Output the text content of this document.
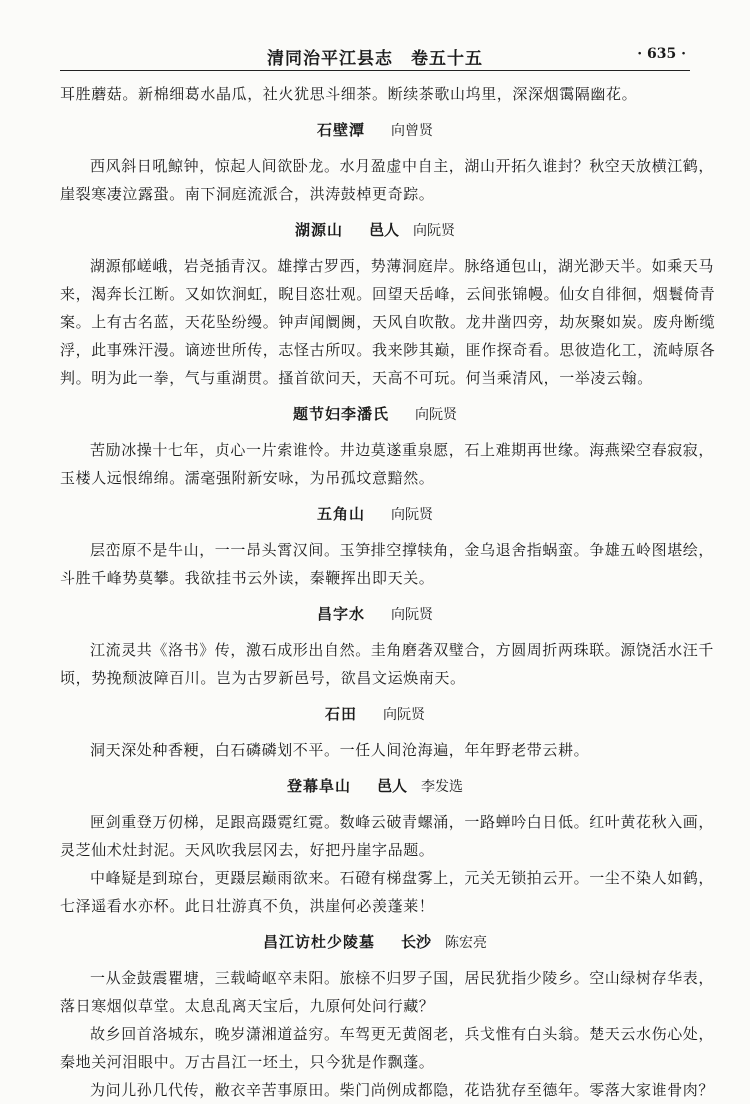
清同治平江县志　卷五十五	· 635 ·
耳胜蘑菇。新棉细葛水晶瓜，社火犹思斗细茶。断续茶歌山坞里，深深烟霭隔幽花。
石壁潭 向曾贤
西风斜日吼鲸钟，惊起人间欲卧龙。水月盈虚中自主，湖山开拓久谁封？秋空天放横江鹤，
崖裂寒凄泣露蛩。南下洞庭流派合，洪涛鼓棹更奇踪。
湖源山 邑人 向阮贤
湖源郁嵯峨，岩尧插青汉。雄撑古罗西，势薄洞庭岸。脉络通包山，湖光渺天半。如乘天马
来，渴奔长江断。又如饮涧虹，睨目恣壮观。回望天岳峰，云间张锦幔。仙女自徘徊，烟鬟倚青
案。上有古名蓝，天花坠纷缦。钟声闻阛阓，天风自吹散。龙井凿四旁，劫灰聚如炭。废舟断缆
浮，此事殊汗漫。谪迹世所传，志怪古所叹。我来陟其巅，匪作探奇看。思彼造化工，流峙原各
判。明为此一拳，气与重湖贯。搔首欲问天，天高不可玩。何当乘清风，一举凌云翰。
题节妇李潘氏 向阮贤
苦励冰操十七年，贞心一片索谁怜。井边莫遂重泉愿，石上难期再世缘。海燕梁空春寂寂，
玉楼人远恨绵绵。濡毫强附新安咏，为吊孤坟意黯然。
五角山 向阮贤
层峦原不是牛山，一一昂头霄汉间。玉笋排空撑犊角，金乌退舍指蜗蛮。争雄五岭图堪绘，
斗胜千峰势莫攀。我欲挂书云外读，秦鞭挥出即天关。
昌字水 向阮贤
江流灵共《洛书》传，激石成形出自然。圭角磨砻双璧合，方圆周折两珠联。源饶活水汪千
顷，势挽颓波障百川。岂为古罗新邑号，欲昌文运焕南天。
石田 向阮贤
洞天深处种香粳，白石磷磷划不平。一任人间沧海遍，年年野老带云耕。
登幕阜山 邑人 李发选
匣剑重登万仞梯，足跟高蹑霓红霓。数峰云破青螺涌，一路蝉吟白日低。红叶黄花秋入画，
灵芝仙术灶封泥。天风吹我层冈去，好把丹崖字品题。
中峰疑是到琼台，更蹑层巅雨欲来。石磴有梯盘雾上，元关无锁拍云开。一尘不染人如鹤，
七泽遥看水亦杯。此日壮游真不负，洪崖何必羡蓬莱！
昌江访杜少陵墓 长沙 陈宏亮
一从金鼓震瞿塘，三载崎岖卒耒阳。旅榇不归罗子国，居民犹指少陵乡。空山绿树存华表，
落日寒烟似草堂。太息乱离天宝后，九原何处问行藏？
故乡回首洛城东，晚岁潇湘道益穷。车驾更无黄阁老，兵戈惟有白头翁。楚天云水伤心处，
秦地关河泪眼中。万古昌江一坯土，只今犹是作飘蓬。
为问儿孙几代传，敝衣辛苦事原田。柴门尚例成都隐，花诰犹存至德年。零落大家谁骨肉？
